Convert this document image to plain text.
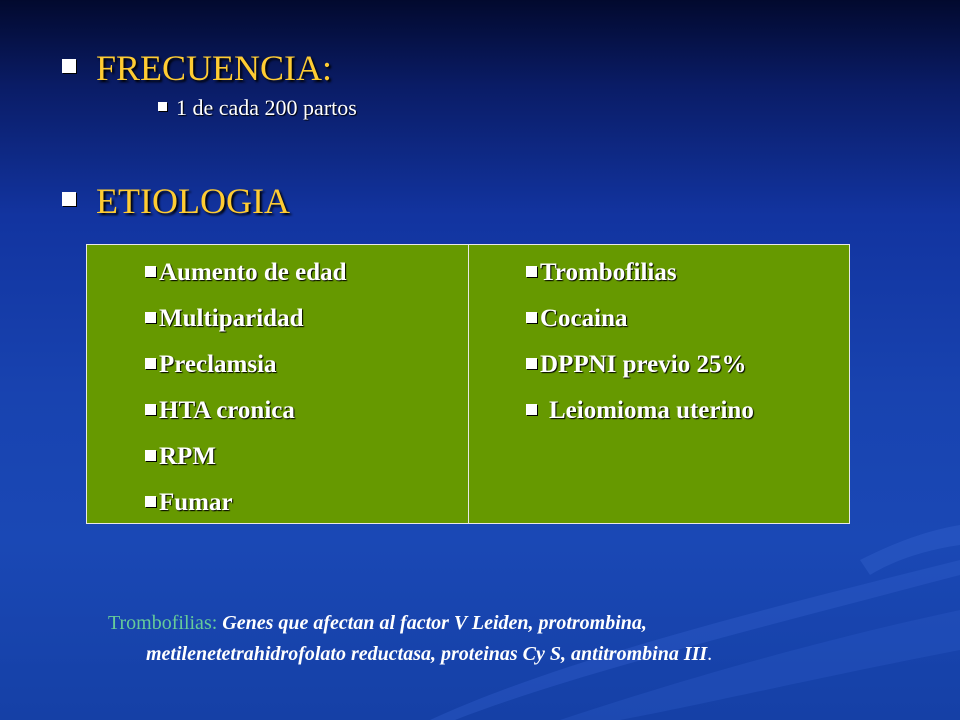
FRECUENCIA:
1 de cada 200 partos
ETIOLOGIA
Aumento de edad
Multiparidad
Preclamsia
HTA cronica
RPM
Fumar
Trombofilias
Cocaina
DPPNI previo 25%
Leiomioma uterino
Trombofilias: Genes que afectan al factor V Leiden, protrombina,
metilenetetrahidrofolato reductasa, proteinas Cy S, antitrombina III.
